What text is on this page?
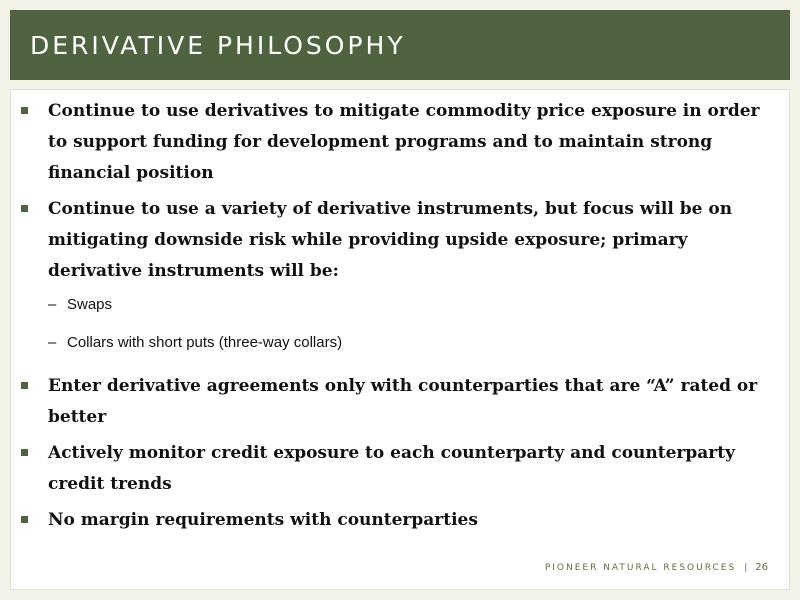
DERIVATIVE PHILOSOPHY
Continue to use derivatives to mitigate commodity price exposure in order to support funding for development programs and to maintain strong financial position
Continue to use a variety of derivative instruments, but focus will be on mitigating downside risk while providing upside exposure; primary derivative instruments will be:
– Swaps
– Collars with short puts (three-way collars)
Enter derivative agreements only with counterparties that are “A” rated or better
Actively monitor credit exposure to each counterparty and counterparty credit trends
No margin requirements with counterparties
PIONEER NATURAL RESOURCES | 26
